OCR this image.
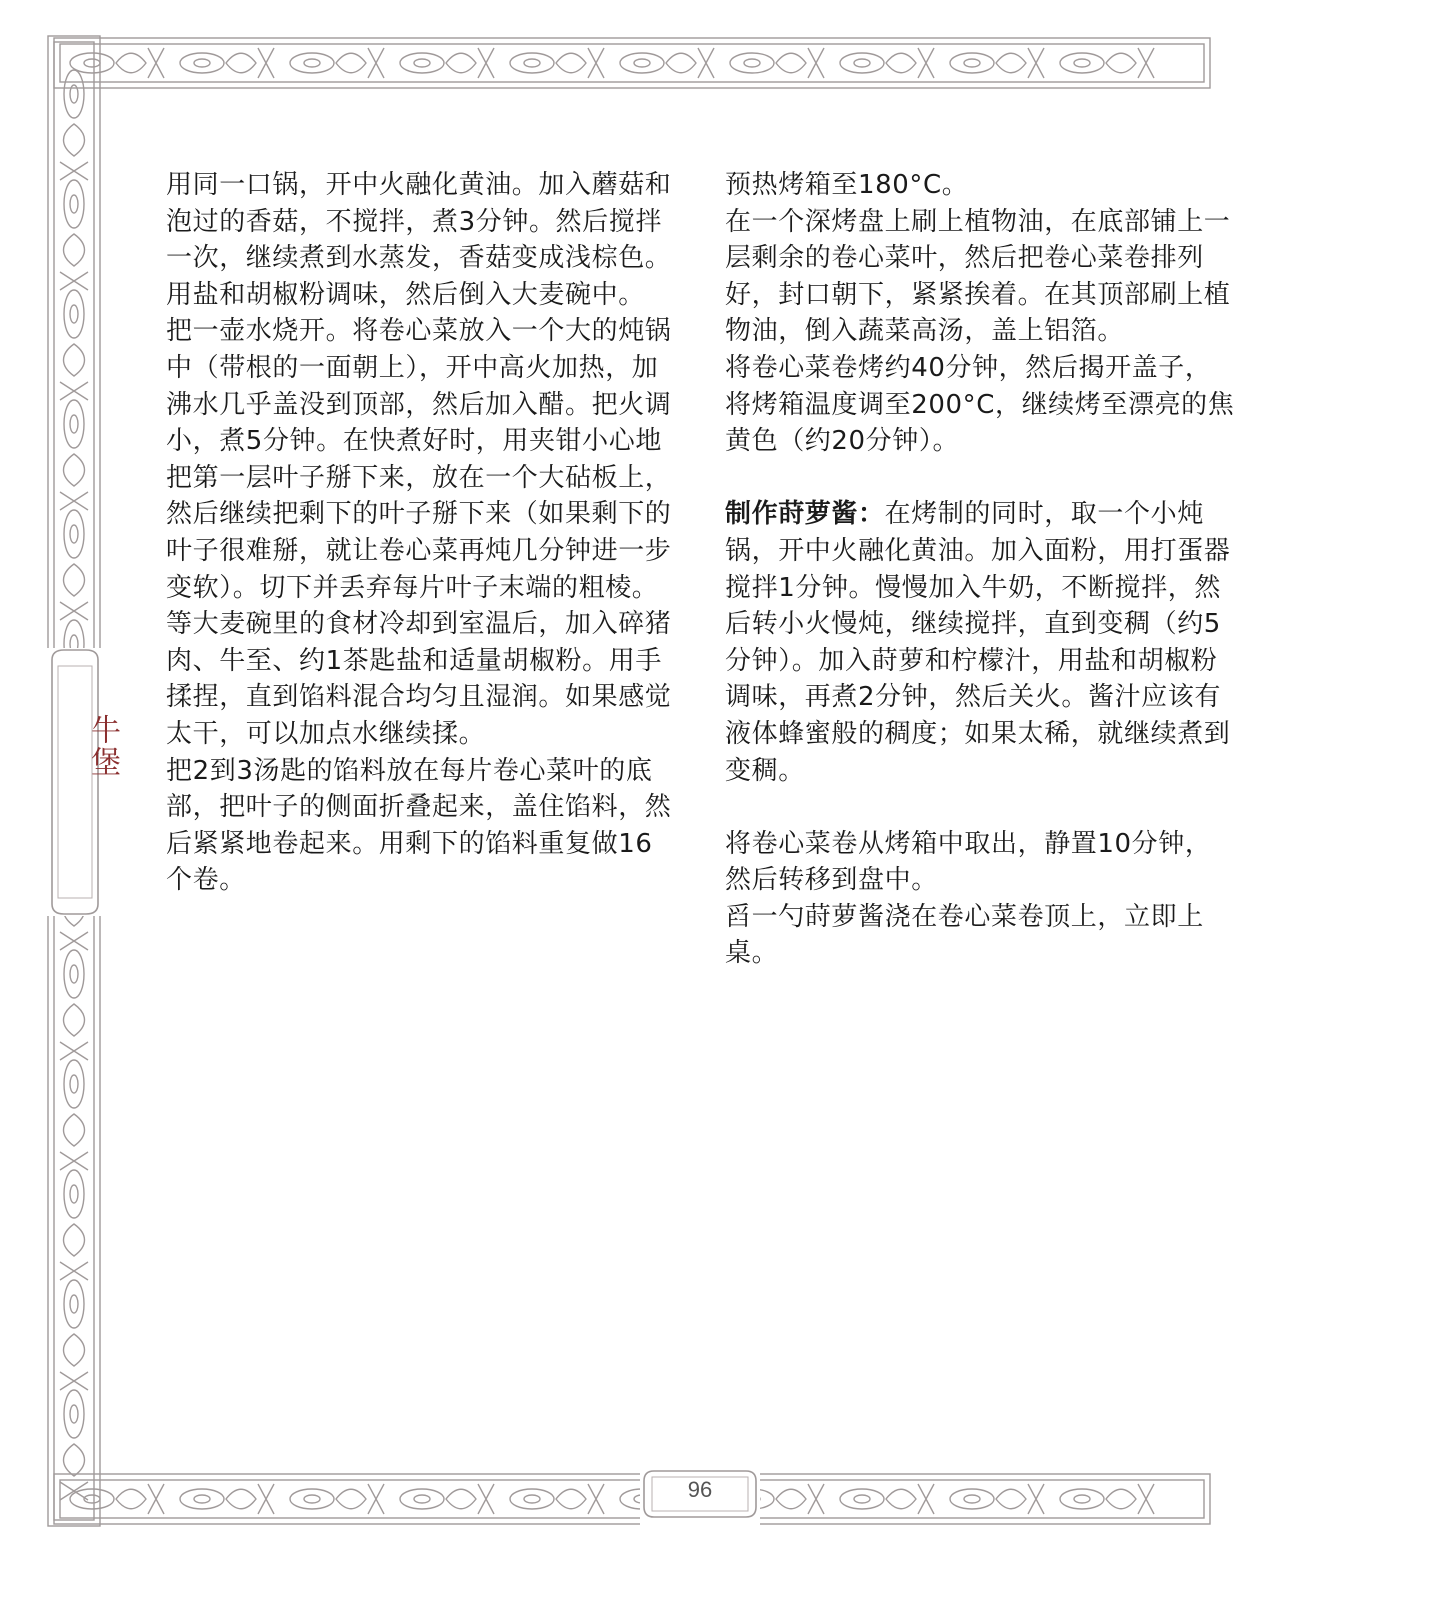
牛堡
96

用同一口锅，开中火融化黄油。加入蘑菇和泡过的香菇，不搅拌，煮3分钟。然后搅拌一次，继续煮到水蒸发，香菇变成浅棕色。用盐和胡椒粉调味，然后倒入大麦碗中。

把一壶水烧开。将卷心菜放入一个大的炖锅中（带根的一面朝上），开中高火加热，加沸水几乎盖没到顶部，然后加入醋。把火调小，煮5分钟。在快煮好时，用夹钳小心地把第一层叶子掰下来，放在一个大砧板上，然后继续把剩下的叶子掰下来（如果剩下的叶子很难掰，就让卷心菜再炖几分钟进一步变软）。切下并丢弃每片叶子末端的粗棱。

等大麦碗里的食材冷却到室温后，加入碎猪肉、牛至、约1茶匙盐和适量胡椒粉。用手揉捏，直到馅料混合均匀且湿润。如果感觉太干，可以加点水继续揉。

把2到3汤匙的馅料放在每片卷心菜叶的底部，把叶子的侧面折叠起来，盖住馅料，然后紧紧地卷起来。用剩下的馅料重复做16个卷。

预热烤箱至180°C。

在一个深烤盘上刷上植物油，在底部铺上一层剩余的卷心菜叶，然后把卷心菜卷排列好，封口朝下，紧紧挨着。在其顶部刷上植物油，倒入蔬菜高汤，盖上铝箔。

将卷心菜卷烤约40分钟，然后揭开盖子，将烤箱温度调至200°C，继续烤至漂亮的焦黄色（约20分钟）。

制作莳萝酱：在烤制的同时，取一个小炖锅，开中火融化黄油。加入面粉，用打蛋器搅拌1分钟。慢慢加入牛奶，不断搅拌，然后转小火慢炖，继续搅拌，直到变稠（约5分钟）。加入莳萝和柠檬汁，用盐和胡椒粉调味，再煮2分钟，然后关火。酱汁应该有液体蜂蜜般的稠度；如果太稀，就继续煮到变稠。

将卷心菜卷从烤箱中取出，静置10分钟，然后转移到盘中。

舀一勺莳萝酱浇在卷心菜卷顶上，立即上桌。
